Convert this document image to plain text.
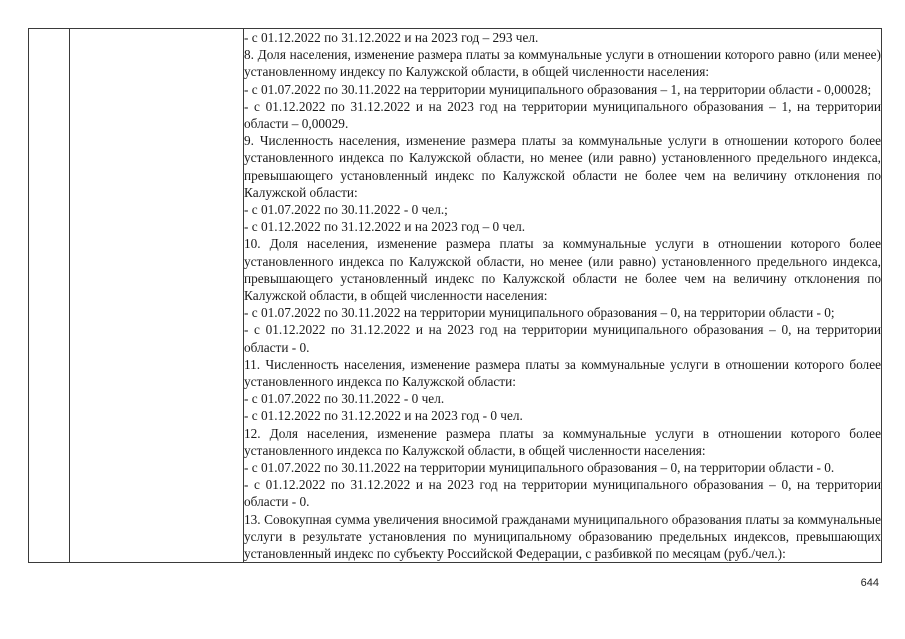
- с 01.12.2022 по 31.12.2022 и на 2023 год – 293 чел.

8. Доля населения, изменение размера платы за коммунальные услуги в отношении которого равно (или менее) установленному индексу по Калужской области, в общей численности населения:

- с 01.07.2022 по 30.11.2022 на территории муниципального образования – 1, на территории области - 0,00028;

- с 01.12.2022 по 31.12.2022 и на 2023 год на территории муниципального образования – 1, на территории области – 0,00029.

9. Численность населения, изменение размера платы за коммунальные услуги в отношении которого более установленного индекса по Калужской области, но менее (или равно) установленного предельного индекса, превышающего установленный индекс по Калужской области не более чем на величину отклонения по Калужской области:

- с 01.07.2022 по 30.11.2022 - 0 чел.;

- с 01.12.2022 по 31.12.2022 и на 2023 год – 0 чел.

10. Доля населения, изменение размера платы за коммунальные услуги в отношении которого более установленного индекса по Калужской области, но менее (или равно) установленного предельного индекса, превышающего установленный индекс по Калужской области не более чем на величину отклонения по Калужской области, в общей численности населения:

- с 01.07.2022 по 30.11.2022 на территории муниципального образования – 0, на территории области - 0;

- с 01.12.2022 по 31.12.2022 и на 2023 год на территории муниципального образования – 0, на территории области - 0.

11. Численность населения, изменение размера платы за коммунальные услуги в отношении которого более установленного индекса по Калужской области:

- с 01.07.2022 по 30.11.2022 - 0 чел.

- с 01.12.2022 по 31.12.2022 и на 2023 год - 0 чел.

12. Доля населения, изменение размера платы за коммунальные услуги в отношении которого более установленного индекса по Калужской области, в общей численности населения:

- с 01.07.2022 по 30.11.2022 на территории муниципального образования – 0, на территории области - 0.

- с 01.12.2022 по 31.12.2022 и на 2023 год на территории муниципального образования – 0, на территории области - 0.

13. Совокупная сумма увеличения вносимой гражданами муниципального образования платы за коммунальные услуги в результате установления по муниципальному образованию предельных индексов, превышающих установленный индекс по субъекту Российской Федерации, с разбивкой по месяцам (руб./чел.):

644
